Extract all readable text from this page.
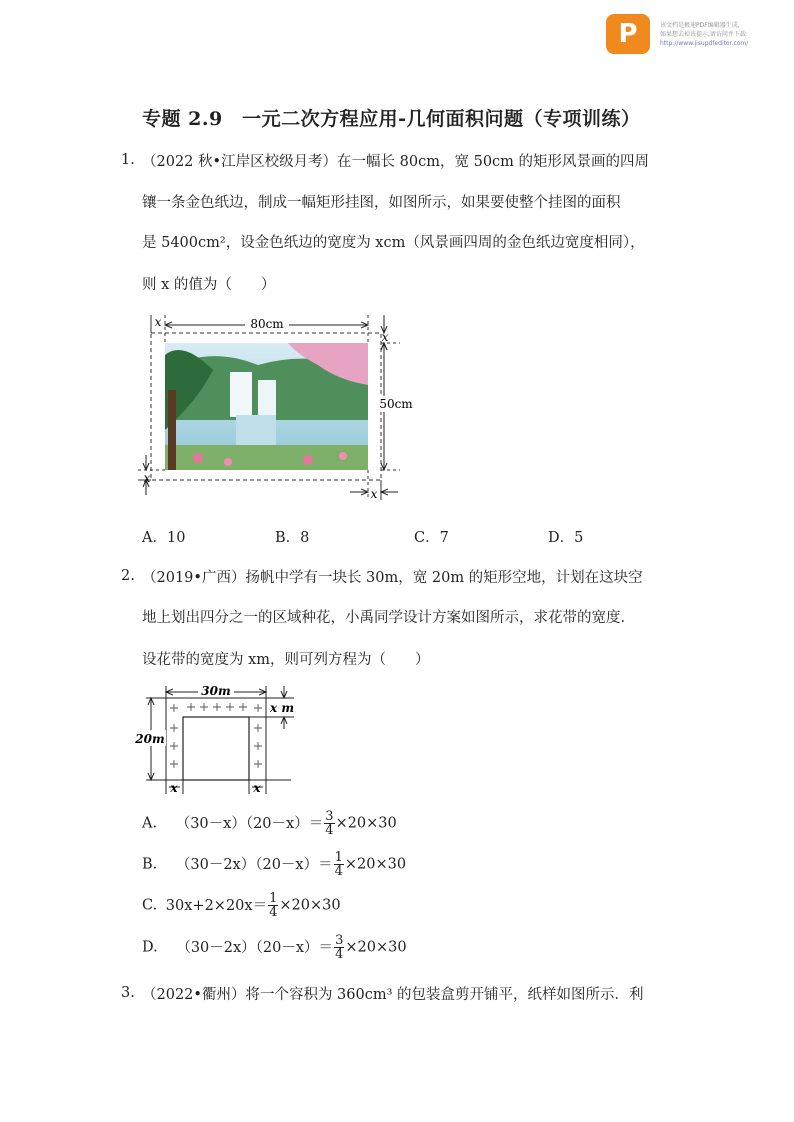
P	该文档是极速PDF编辑器生成,
如果想去掉该提示,请访问并下载:
http://www.jisupdfeditor.com/
专题 2.9　一元二次方程应用-几何面积问题（专项训练）
1. （2022 秋•江岸区校级月考）在一幅长 80cm，宽 50cm 的矩形风景画的四周
镶一条金色纸边，制成一幅矩形挂图，如图所示，如果要使整个挂图的面积
是 5400cm²，设金色纸边的宽度为 xcm（风景画四周的金色纸边宽度相同），
则 x 的值为（　　）
80cm
x
x
50cm
x
x
A．10	B．8	C．7	D．5
2. （2019•广西）扬帆中学有一块长 30m，宽 20m 的矩形空地，计划在这块空
地上划出四分之一的区域种花，小禹同学设计方案如图所示，求花带的宽度.
设花带的宽度为 xm，则可列方程为（　　）
30m
20m
x m
x	x
A. $(30-x)(20-x)= \frac{3}{4} \times 20\times 30$
B. $(30-2x)(20-x)= \frac{1}{4} \times 20\times 30$
C. $30x+2\times 20x= \frac{1}{4} \times 20\times 30$
D. $(30-2x)(20-x)= \frac{3}{4} \times 20\times 30$
3. （2022•衢州）将一个容积为 360cm³ 的包装盒剪开铺平，纸样如图所示．利
